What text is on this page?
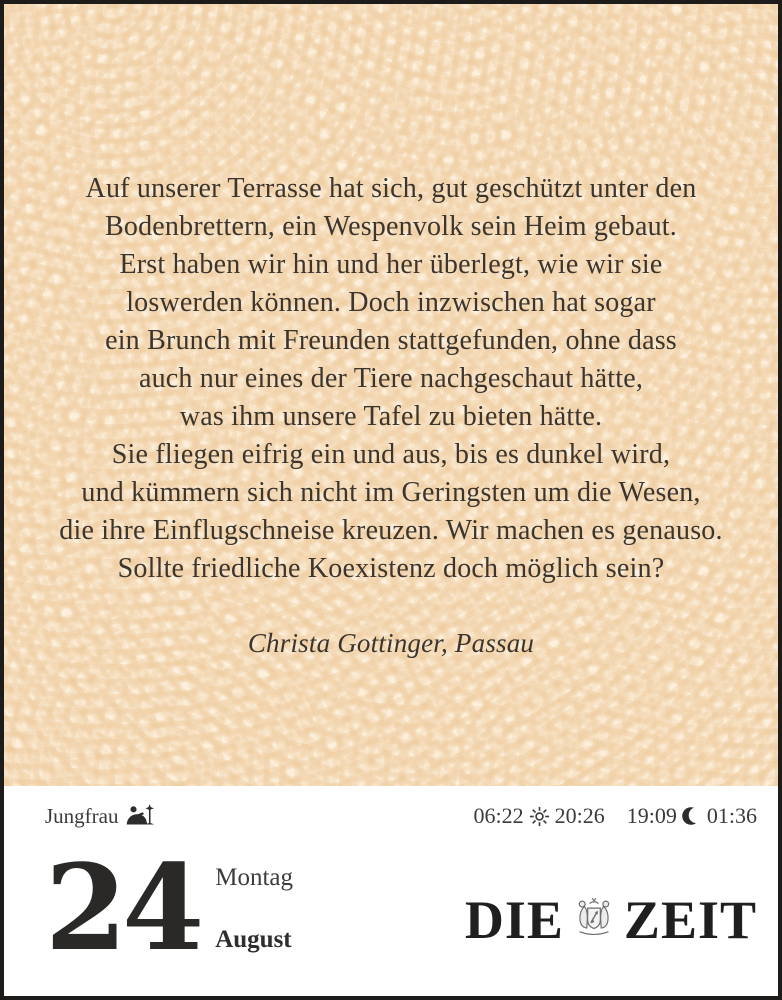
Auf unserer Terrasse hat sich, gut geschützt unter den
Bodenbrettern, ein Wespenvolk sein Heim gebaut.
Erst haben wir hin und her überlegt, wie wir sie
loswerden können. Doch inzwischen hat sogar
ein Brunch mit Freunden stattgefunden, ohne dass
auch nur eines der Tiere nachgeschaut hätte,
was ihm unsere Tafel zu bieten hätte.
Sie fliegen eifrig ein und aus, bis es dunkel wird,
und kümmern sich nicht im Geringsten um die Wesen,
die ihre Einflugschneise kreuzen. Wir machen es genauso.
Sollte friedliche Koexistenz doch möglich sein?
Christa Gottinger, Passau
Jungfrau	06:22 20:26 19:09 01:36
24 Montag
August	DIE ZEIT
